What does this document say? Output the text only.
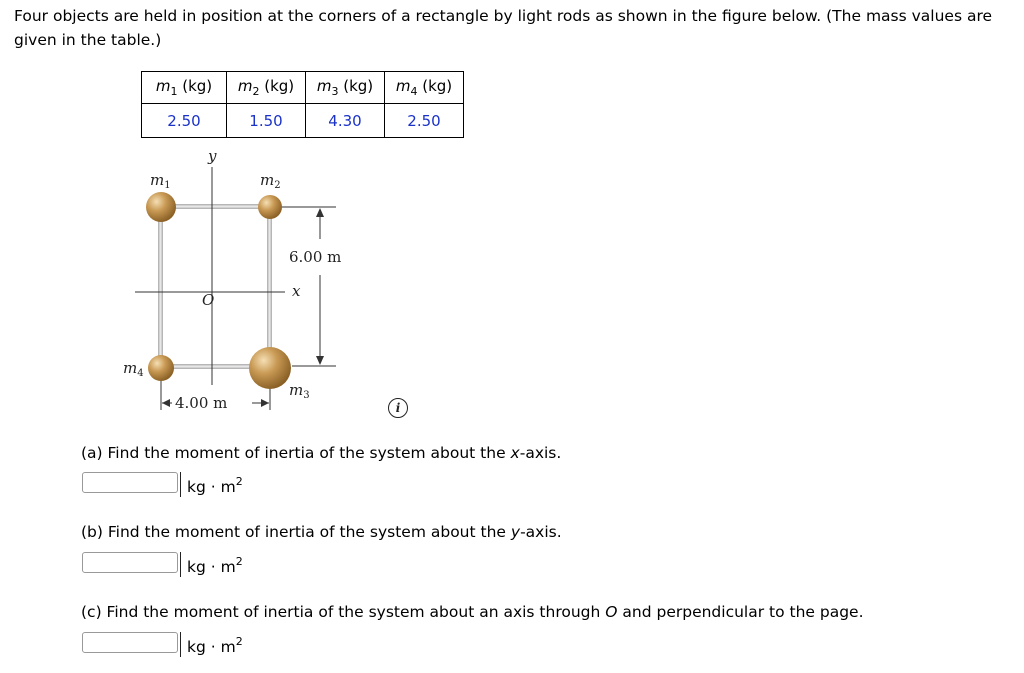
Four objects are held in position at the corners of a rectangle by light rods as shown in the figure below. (The mass values are given in the table.)
$m_1$ (kg)	$m_2$ (kg)	$m_3$ (kg)	$m_4$ (kg)
2.50	1.50	4.30	2.50
6.00 m
4.00 m
y
x
O
$m_1$	$m_2$
$m_3$
$m_4$
i
(a) Find the moment of inertia of the system about the x-axis.
kg · $m^2$
(b) Find the moment of inertia of the system about the y-axis.
kg · $m^2$
(c) Find the moment of inertia of the system about an axis through O and perpendicular to the page.
kg · $m^2$
